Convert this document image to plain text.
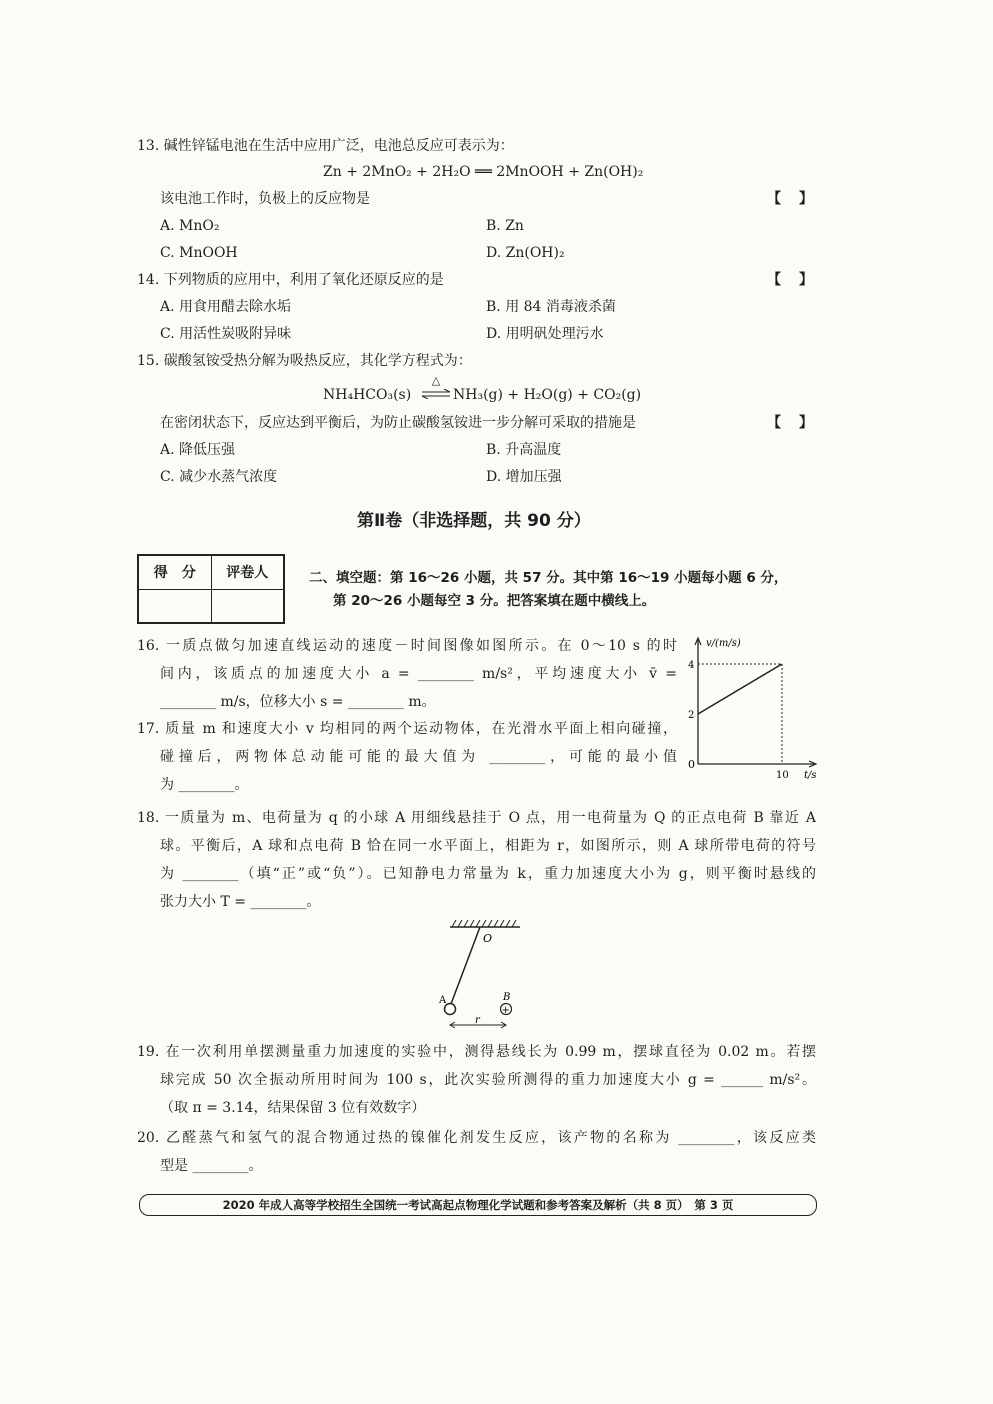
13. 碱性锌锰电池在生活中应用广泛，电池总反应可表示为：
Zn + 2MnO₂ + 2H₂O ══ 2MnOOH + Zn(OH)₂
该电池工作时，负极上的反应物是	【　】
A. MnO₂	B. Zn
C. MnOOH	D. Zn(OH)₂
14. 下列物质的应用中，利用了氧化还原反应的是	【　】
A. 用食用醋去除水垢	B. 用 84 消毒液杀菌
C. 用活性炭吸附异味	D. 用明矾处理污水
15. 碳酸氢铵受热分解为吸热反应，其化学方程式为：
NH₄HCO₃(s)
△
⇌ NH₃(g) + H₂O(g) + CO₂(g)
在密闭状态下，反应达到平衡后，为防止碳酸氢铵进一步分解可采取的措施是	【　】
A. 降低压强	B. 升高温度
C. 减少水蒸气浓度	D. 增加压强
第Ⅱ卷（非选择题，共 90 分）
得　分	评卷人
		二、填空题：第 16～26 小题，共 57 分。其中第 16～19 小题每小题 6 分，
第 20～26 小题每空 3 分。把答案填在题中横线上。
16. 一质点做匀加速直线运动的速度－时间图像如图所示。在 0～10 s 的时
间内，该质点的加速度大小 a = ________ m/s²，平均速度大小 v̄ =
________ m/s，位移大小 s = ________ m。
17. 质量 m 和速度大小 v 均相同的两个运动物体，在光滑水平面上相向碰撞，
碰撞后，两物体总动能可能的最大值为 ________，可能的最小值
为 ________。
v/(m/s)
t/s
0
2
4
10
18. 一质量为 m、电荷量为 q 的小球 A 用细线悬挂于 O 点，用一电荷量为 Q 的正点电荷 B 靠近 A
球。平衡后，A 球和点电荷 B 恰在同一水平面上，相距为 r，如图所示，则 A 球所带电荷的符号
为 ________（填“正”或“负”）。已知静电力常量为 k，重力加速度大小为 g，则平衡时悬线的
张力大小 T = ________。
O
A
+
B
r
19. 在一次利用单摆测量重力加速度的实验中，测得悬线长为 0.99 m，摆球直径为 0.02 m。若摆
球完成 50 次全振动所用时间为 100 s，此次实验所测得的重力加速度大小 g = ______ m/s²。
（取 π = 3.14，结果保留 3 位有效数字）
20. 乙醛蒸气和氢气的混合物通过热的镍催化剂发生反应，该产物的名称为 ________，该反应类
型是 ________。
2020 年成人高等学校招生全国统一考试高起点物理化学试题和参考答案及解析（共 8 页）　第 3 页
